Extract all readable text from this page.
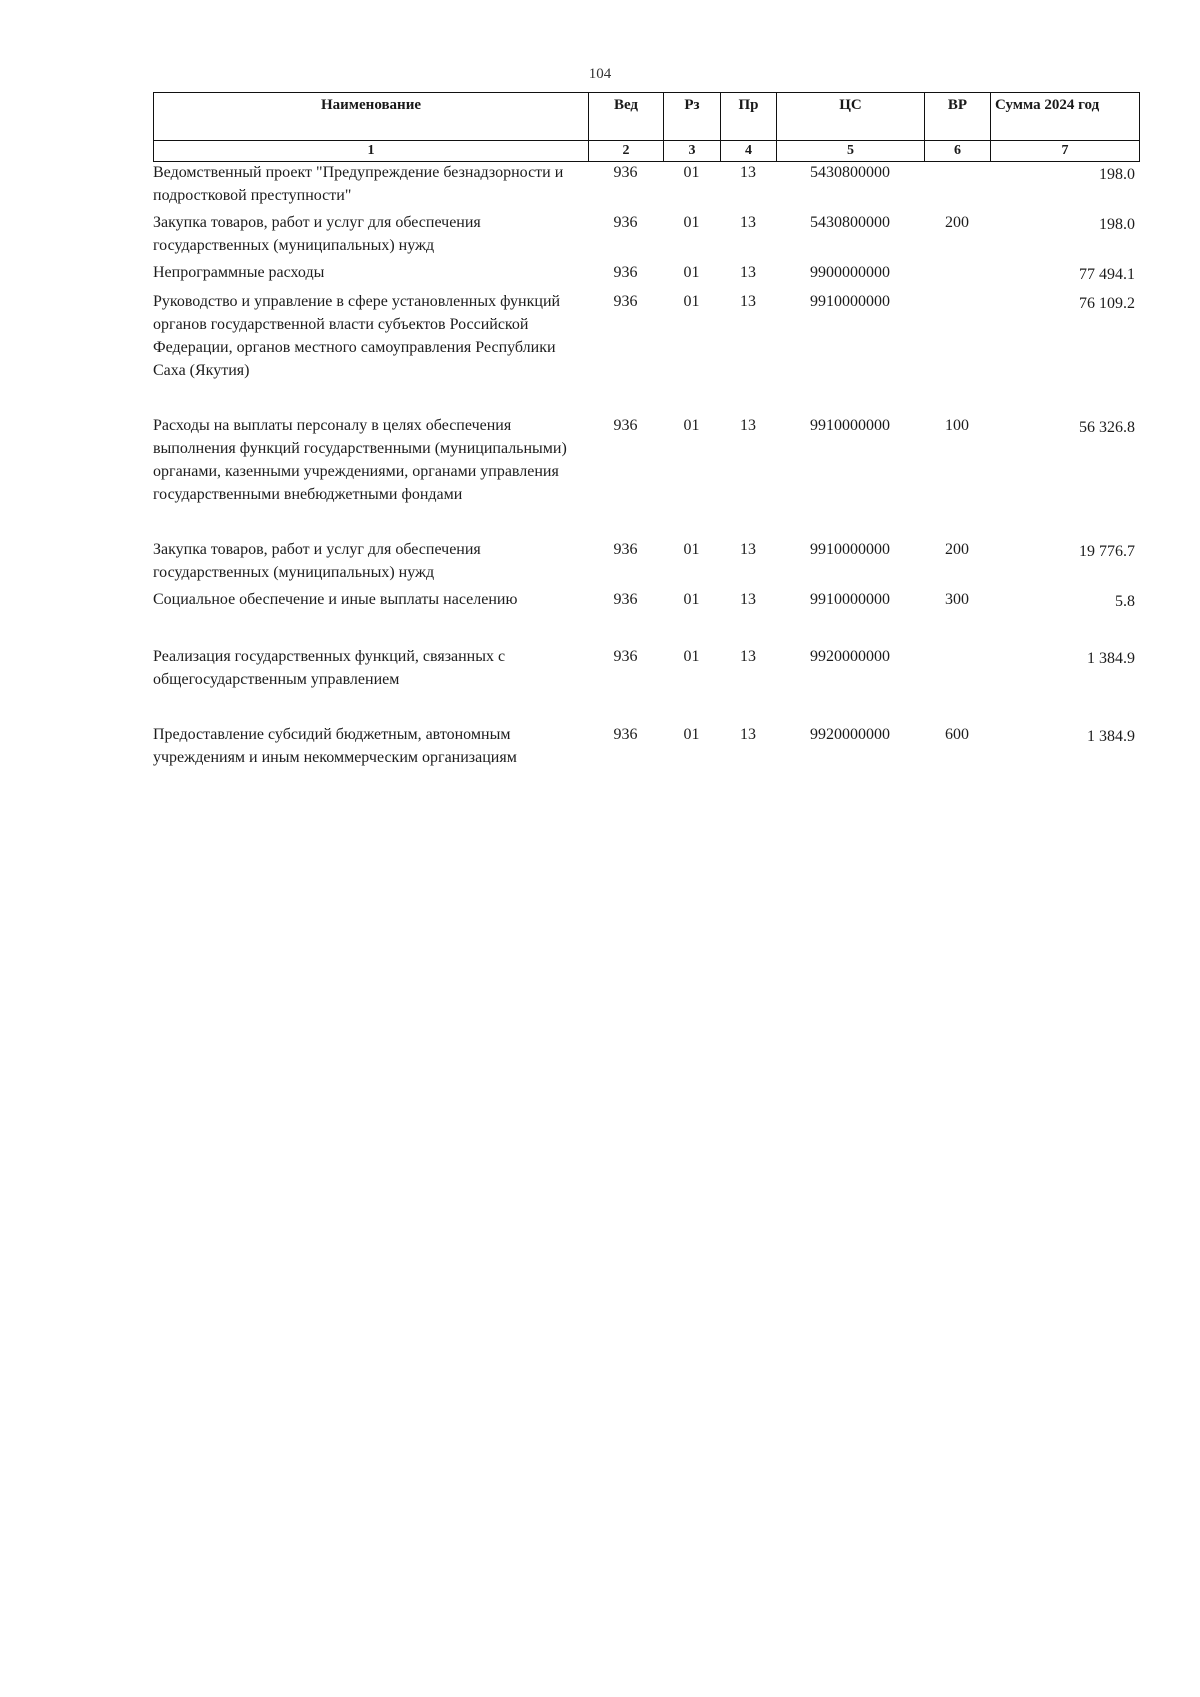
104
Наименование	Вед	Рз	Пр	ЦС	ВР	Сумма 2024 год
1	2	3	4	5	6	7
Ведомственный проект "Предупреждение безнадзорности и подростковой преступности"	936	01	13	5430800000		198.0
Закупка товаров, работ и услуг для обеспечения государственных (муниципальных) нужд	936	01	13	5430800000	200	198.0
Непрограммные расходы	936	01	13	9900000000		77 494.1
Руководство и управление в сфере установленных функций органов государственной власти субъектов Российской Федерации, органов местного самоуправления Республики Саха (Якутия)	936	01	13	9910000000		76 109.2

Расходы на выплаты персоналу в целях обеспечения выполнения функций государственными (муниципальными) органами, казенными учреждениями, органами управления государственными внебюджетными фондами	936	01	13	9910000000	100	56 326.8

Закупка товаров, работ и услуг для обеспечения государственных (муниципальных) нужд	936	01	13	9910000000	200	19 776.7
Социальное обеспечение и иные выплаты населению	936	01	13	9910000000	300	5.8

Реализация государственных функций, связанных с общегосударственным управлением	936	01	13	9920000000		1 384.9

Предоставление субсидий бюджетным, автономным учреждениям и иным некоммерческим организациям	936	01	13	9920000000	600	1 384.9
